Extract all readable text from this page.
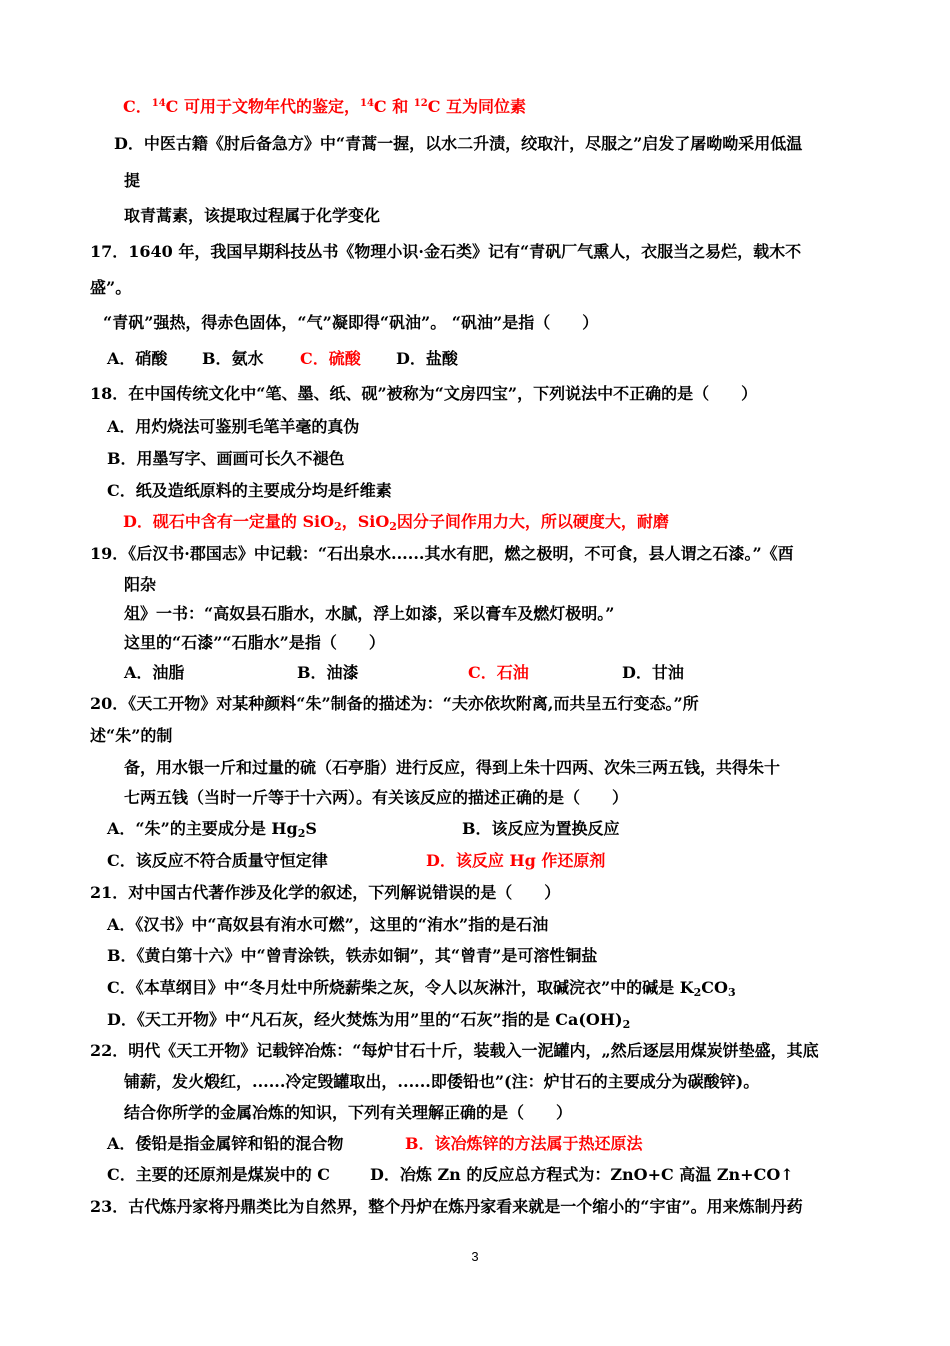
C．$^{14}$C 可用于文物年代的鉴定，$^{14}$C 和 $^{12}$C 互为同位素
D．中医古籍《肘后备急方》中“青蒿一握，以水二升渍，绞取汁，尽服之”启发了屠呦呦采用低温
提
取青蒿素，该提取过程属于化学变化
17．1640 年，我国早期科技丛书《物理小识·金石类》记有“青矾厂气熏人，衣服当之易烂，载木不
盛”。
“青矾”强热，得赤色固体，“气”凝即得“矾油”。 “矾油”是指（　　）
A．硝酸 B．氨水 C．硫酸 D．盐酸
18．在中国传统文化中“笔、墨、纸、砚”被称为“文房四宝”，下列说法中不正确的是（　　）
A．用灼烧法可鉴别毛笔羊毫的真伪
B．用墨写字、画画可长久不褪色
C．纸及造纸原料的主要成分均是纤维素
D．砚石中含有一定量的 SiO$_2$，SiO$_2$因分子间作用力大，所以硬度大，耐磨
19．《后汉书·郡国志》中记载：“石出泉水......其水有肥，燃之极明，不可食，县人谓之石漆。”《酉
阳杂
俎》一书：“高奴县石脂水，水腻，浮上如漆，采以膏车及燃灯极明。”
这里的“石漆”“石脂水”是指（　　）
A．油脂	B．油漆	C．石油	D．甘油
20．《天工开物》对某种颜料“朱”制备的描述为：“夫亦依坎附离,而共呈五行变态。”所
述“朱”的制
备，用水银一斤和过量的硫（石亭脂）进行反应，得到上朱十四两、次朱三两五钱，共得朱十
七两五钱（当时一斤等于十六两）。有关该反应的描述正确的是（　　）
A．“朱”的主要成分是 $Hg_2S$	B．该反应为置换反应
C．该反应不符合质量守恒定律	D．该反应 Hg 作还原剂
21．对中国古代著作涉及化学的叙述，下列解说错误的是（　　）
A．《汉书》中“高奴县有洧水可燃”，这里的“洧水”指的是石油
B．《黄白第十六》中“曾青涂铁，铁赤如铜”，其“曾青”是可溶性铜盐
C．《本草纲目》中“冬月灶中所烧薪柴之灰，令人以灰淋汁，取碱浣衣”中的碱是 $K_2CO_3$
D．《天工开物》中“凡石灰，经火焚炼为用”里的“石灰”指的是 $Ca(OH)_2$
22．明代《天工开物》记载锌冶炼：“每炉甘石十斤，装载入一泥罐内，„然后逐层用煤炭饼垫盛，其底
铺薪，发火煅红，......冷定毁罐取出，......即倭铅也”(注：炉甘石的主要成分为碳酸锌)。
结合你所学的金属冶炼的知识，下列有关理解正确的是（　　）
A．倭铅是指金属锌和铅的混合物	B．该冶炼锌的方法属于热还原法
C．主要的还原剂是煤炭中的 C D．冶炼 Zn 的反应总方程式为：ZnO+C 高温 Zn+CO↑
23．古代炼丹家将丹鼎类比为自然界，整个丹炉在炼丹家看来就是一个缩小的“宇宙”。用来炼制丹药
3
